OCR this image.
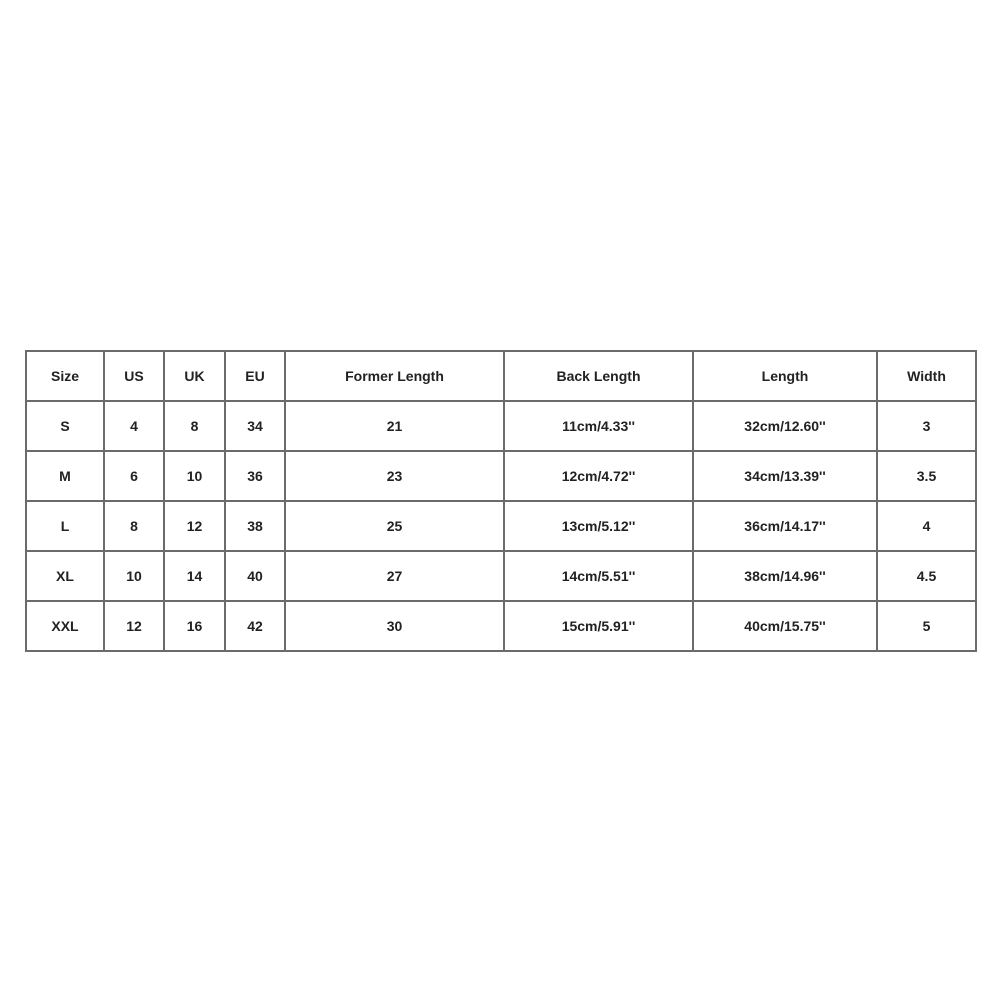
Size	US	UK	EU	Former Length	Back Length	Length	Width
S	4	8	34	21	11cm/4.33''	32cm/12.60''	3
M	6	10	36	23	12cm/4.72''	34cm/13.39''	3.5
L	8	12	38	25	13cm/5.12''	36cm/14.17''	4
XL	10	14	40	27	14cm/5.51''	38cm/14.96''	4.5
XXL	12	16	42	30	15cm/5.91''	40cm/15.75''	5
